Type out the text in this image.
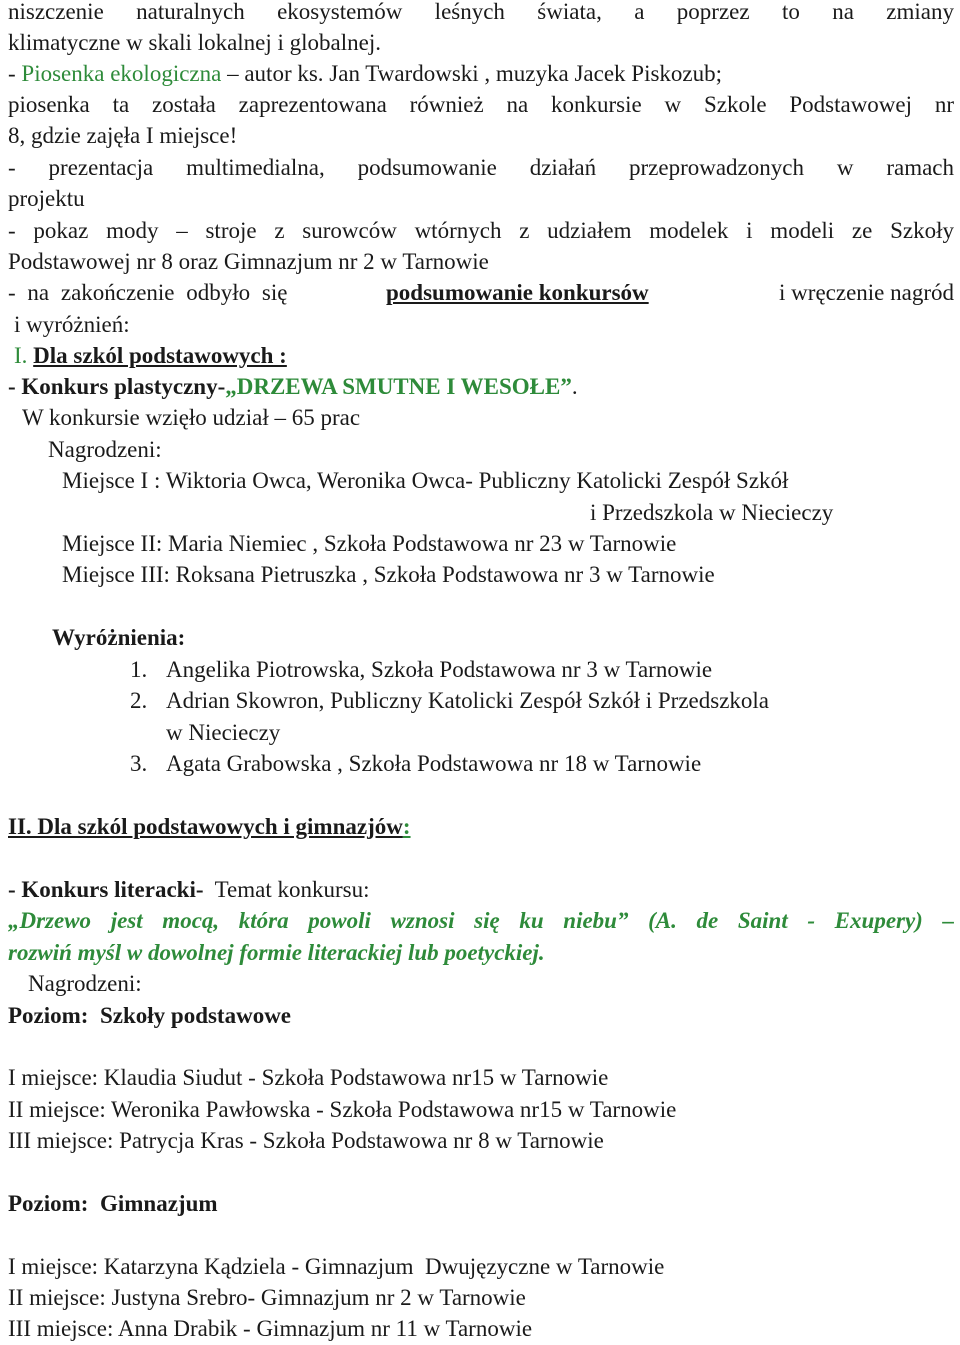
niszczenie naturalnych ekosystemów leśnych świata, a poprzez to na zmiany
klimatyczne w skali lokalnej i globalnej.
- Piosenka ekologiczna – autor ks. Jan Twardowski , muzyka Jacek Piskozub;
piosenka ta została zaprezentowana również na konkursie w Szkole Podstawowej nr
8, gdzie zajęła I miejsce!
- prezentacja multimedialna, podsumowanie działań przeprowadzonych w ramach
projektu
- pokaz mody – stroje z surowców wtórnych z udziałem modelek i modeli ze Szkoły
Podstawowej nr 8 oraz Gimnazjum nr 2 w Tarnowie
- na zakończenie odbyło się	podsumowanie konkursów	i wręczenie nagród
i wyróżnień:
I. Dla szkól podstawowych :
- Konkurs plastyczny-„DRZEWA SMUTNE I WESOŁE”.
W konkursie wzięło udział – 65 prac
Nagrodzeni:
Miejsce I : Wiktoria Owca, Weronika Owca- Publiczny Katolicki Zespół Szkół
i Przedszkola w Niecieczy
Miejsce II: Maria Niemiec , Szkoła Podstawowa nr 23 w Tarnowie
Miejsce III: Roksana Pietruszka , Szkoła Podstawowa nr 3 w Tarnowie
Wyróżnienia:
1. Angelika Piotrowska, Szkoła Podstawowa nr 3 w Tarnowie
2. Adrian Skowron, Publiczny Katolicki Zespół Szkół i Przedszkola
w Niecieczy
3. Agata Grabowska , Szkoła Podstawowa nr 18 w Tarnowie
II. Dla szkól podstawowych i gimnazjów:
- Konkurs literacki-  Temat konkursu:
„Drzewo jest mocą, która powoli wznosi się ku niebu” (A. de Saint - Exupery) –
rozwiń myśl w dowolnej formie literackiej lub poetyckiej.
Nagrodzeni:
Poziom:  Szkoły podstawowe
I miejsce: Klaudia Siudut - Szkoła Podstawowa nr15 w Tarnowie
II miejsce: Weronika Pawłowska - Szkoła Podstawowa nr15 w Tarnowie
III miejsce: Patrycja Kras - Szkoła Podstawowa nr 8 w Tarnowie
Poziom:  Gimnazjum
I miejsce: Katarzyna Kądziela - Gimnazjum  Dwujęzyczne w Tarnowie
II miejsce: Justyna Srebro- Gimnazjum nr 2 w Tarnowie
III miejsce: Anna Drabik - Gimnazjum nr 11 w Tarnowie
